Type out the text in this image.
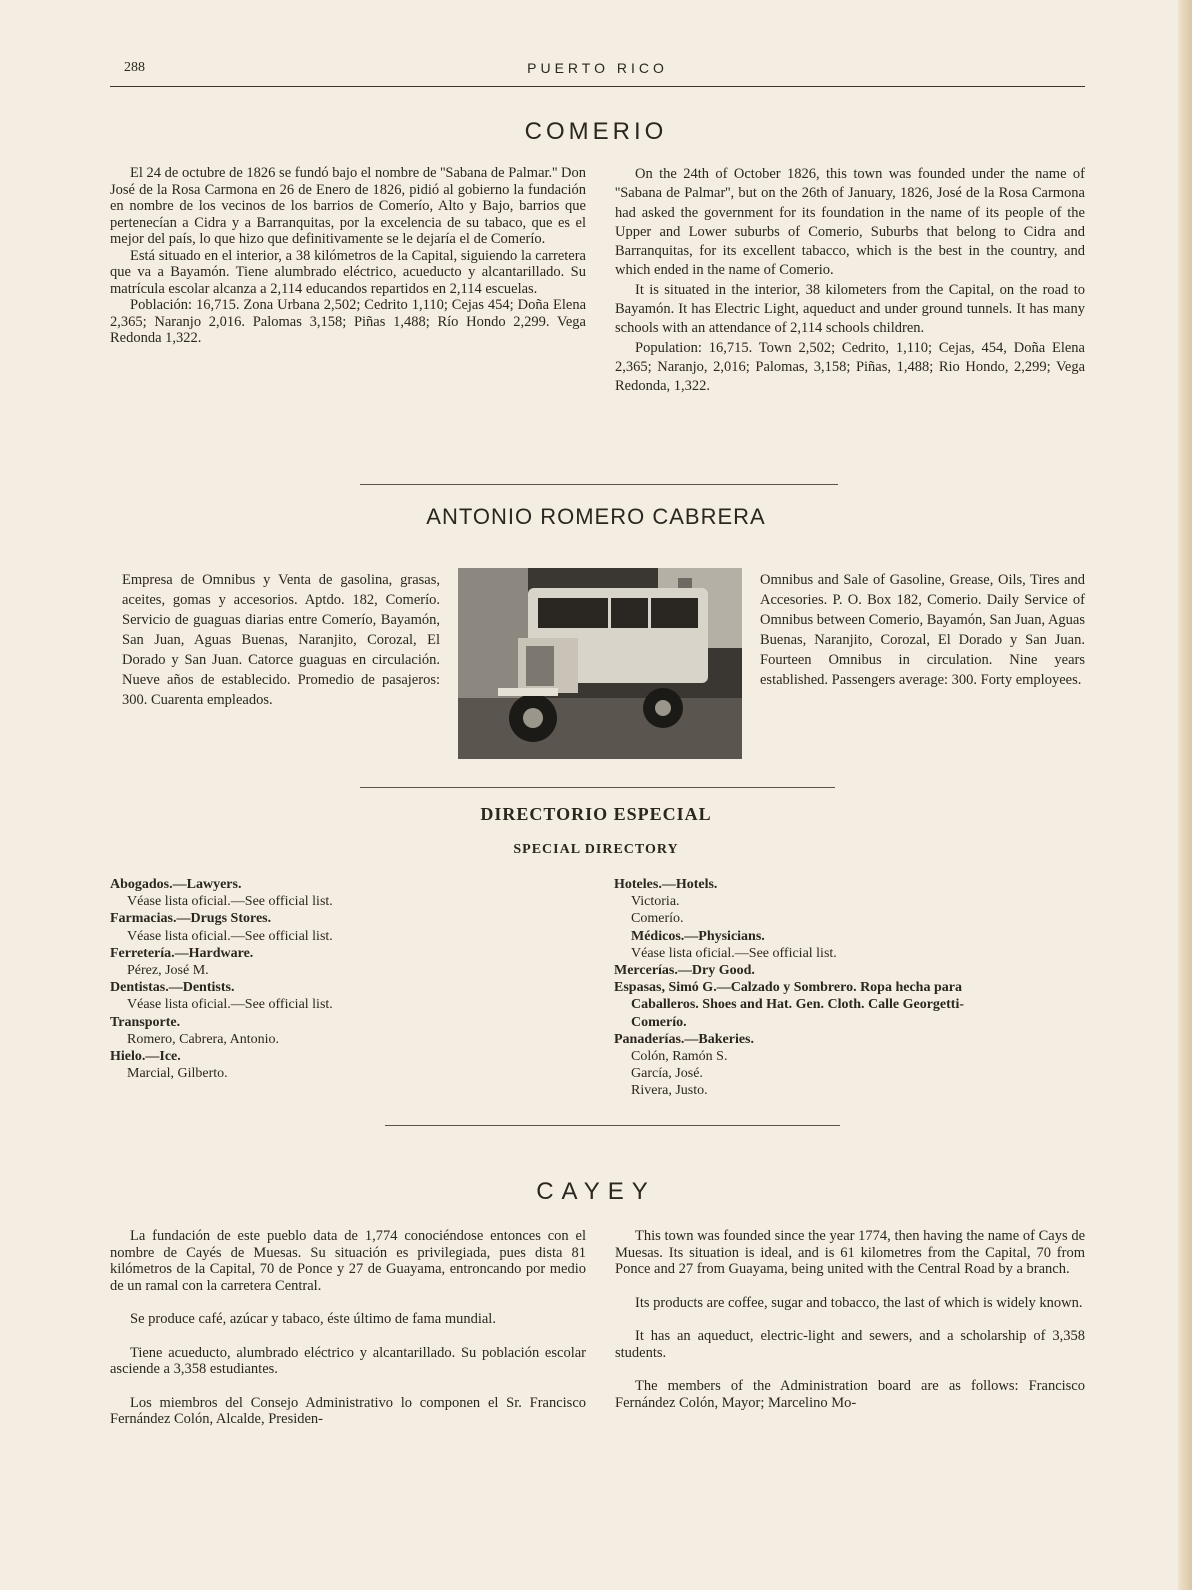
288	PUERTO RICO
COMERIO

El 24 de octubre de 1826 se fundó bajo el nombre de ''Sabana de Palmar.'' Don José de la Rosa Carmona en 26 de Enero de 1826, pidió al gobierno la fundación en nombre de los vecinos de los barrios de Comerío, Alto y Bajo, barrios que pertenecían a Cidra y a Barranquitas, por la excelencia de su tabaco, que es el mejor del país, lo que hizo que definitivamente se le dejaría el de Comerío.

Está situado en el interior, a 38 kilómetros de la Capital, siguiendo la carretera que va a Bayamón. Tiene alumbrado eléctrico, acueducto y alcantarillado. Su matrícula escolar alcanza a 2,114 educandos repartidos en 2,114 escuelas.

Población: 16,715. Zona Urbana 2,502; Cedrito 1,110; Cejas 454; Doña Elena 2,365; Naranjo 2,016. Palomas 3,158; Piñas 1,488; Río Hondo 2,299. Vega Redonda 1,322.

On the 24th of October 1826, this town was founded under the name of ''Sabana de Palmar'', but on the 26th of January, 1826, José de la Rosa Carmona had asked the government for its foundation in the name of its people of the Upper and Lower suburbs of Comerio, Suburbs that belong to Cidra and Barranquitas, for its excellent tabacco, which is the best in the country, and which ended in the name of Comerio.

It is situated in the interior, 38 kilometers from the Capital, on the road to Bayamón. It has Electric Light, aqueduct and under ground tunnels. It has many schools with an attendance of 2,114 schools children.

Population: 16,715. Town 2,502; Cedrito, 1,110; Cejas, 454, Doña Elena 2,365; Naranjo, 2,016; Palomas, 3,158; Piñas, 1,488; Rio Hondo, 2,299; Vega Redonda, 1,322.

ANTONIO ROMERO CABRERA

Empresa de Omnibus y Venta de gasolina, grasas, aceites, gomas y accesorios. Aptdo. 182, Comerío. Servicio de guaguas diarias entre Comerío, Bayamón, San Juan, Aguas Buenas, Naranjito, Corozal, El Dorado y San Juan. Catorce guaguas en circulación. Nueve años de establecido. Promedio de pasajeros: 300. Cuarenta empleados.

Omnibus and Sale of Gasoline, Grease, Oils, Tires and Accesories. P. O. Box 182, Comerio. Daily Service of Omnibus between Comerio, Bayamón, San Juan, Aguas Buenas, Naranjito, Corozal, El Dorado y San Juan. Fourteen Omnibus in circulation. Nine years established. Passengers average: 300. Forty employees.

DIRECTORIO ESPECIAL
SPECIAL DIRECTORY
Abogados.—Lawyers.
Véase lista oficial.—See official list.
Farmacias.—Drugs Stores.
Véase lista oficial.—See official list.
Ferretería.—Hardware.
Pérez, José M.
Dentistas.—Dentists.
Véase lista oficial.—See official list.
Transporte.
Romero, Cabrera, Antonio.
Hielo.—Ice.
Marcial, Gilberto.
Hoteles.—Hotels.
Victoria.
Comerío.
Médicos.—Physicians.
Véase lista oficial.—See official list.
Mercerías.—Dry Good.
Espasas, Simó G.—Calzado y Sombrero. Ropa hecha para
Caballeros. Shoes and Hat. Gen. Cloth. Calle Georgetti-
Comerío.
Panaderías.—Bakeries.
Colón, Ramón S.
García, José.
Rivera, Justo.
CAYEY

La fundación de este pueblo data de 1,774 conociéndose entonces con el nombre de Cayés de Muesas. Su situación es privilegiada, pues dista 81 kilómetros de la Capital, 70 de Ponce y 27 de Guayama, entroncando por medio de un ramal con la carretera Central.

Se produce café, azúcar y tabaco, éste último de fama mundial.

Tiene acueducto, alumbrado eléctrico y alcantarillado. Su población escolar asciende a 3,358 estudiantes.

Los miembros del Consejo Administrativo lo componen el Sr. Francisco Fernández Colón, Alcalde, Presiden-

This town was founded since the year 1774, then having the name of Cays de Muesas. Its situation is ideal, and is 61 kilometres from the Capital, 70 from Ponce and 27 from Guayama, being united with the Central Road by a branch.

Its products are coffee, sugar and tobacco, the last of which is widely known.

It has an aqueduct, electric-light and sewers, and a scholarship of 3,358 students.

The members of the Administration board are as follows: Francisco Fernández Colón, Mayor; Marcelino Mo-
